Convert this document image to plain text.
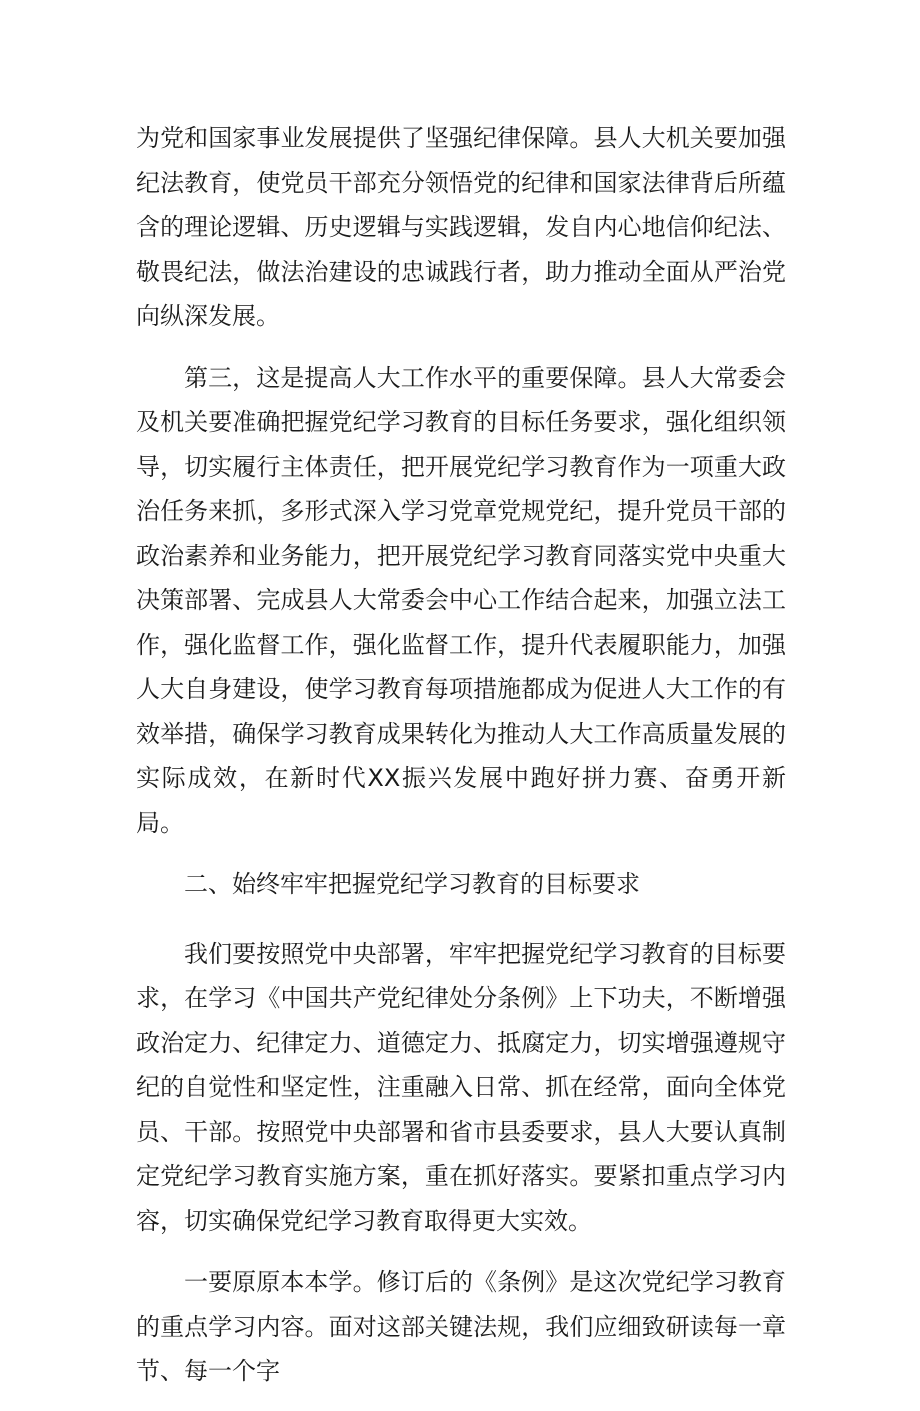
为党和国家事业发展提供了坚强纪律保障。县人大机关要加强纪法教育，使党员干部充分领悟党的纪律和国家法律背后所蕴含的理论逻辑、历史逻辑与实践逻辑，发自内心地信仰纪法、敬畏纪法，做法治建设的忠诚践行者，助力推动全面从严治党向纵深发展。

第三，这是提高人大工作水平的重要保障。县人大常委会及机关要准确把握党纪学习教育的目标任务要求，强化组织领导，切实履行主体责任，把开展党纪学习教育作为一项重大政治任务来抓，多形式深入学习党章党规党纪，提升党员干部的政治素养和业务能力，把开展党纪学习教育同落实党中央重大决策部署、完成县人大常委会中心工作结合起来，加强立法工作，强化监督工作，强化监督工作，提升代表履职能力，加强人大自身建设，使学习教育每项措施都成为促进人大工作的有效举措，确保学习教育成果转化为推动人大工作高质量发展的实际成效，在新时代XX振兴发展中跑好拼力赛、奋勇开新局。

二、始终牢牢把握党纪学习教育的目标要求

我们要按照党中央部署，牢牢把握党纪学习教育的目标要求，在学习《中国共产党纪律处分条例》上下功夫，不断增强政治定力、纪律定力、道德定力、抵腐定力，切实增强遵规守纪的自觉性和坚定性，注重融入日常、抓在经常，面向全体党员、干部。按照党中央部署和省市县委要求，县人大要认真制定党纪学习教育实施方案，重在抓好落实。要紧扣重点学习内容，切实确保党纪学习教育取得更大实效。

一要原原本本学。修订后的《条例》是这次党纪学习教育的重点学习内容。面对这部关键法规，我们应细致研读每一章节、每一个字
